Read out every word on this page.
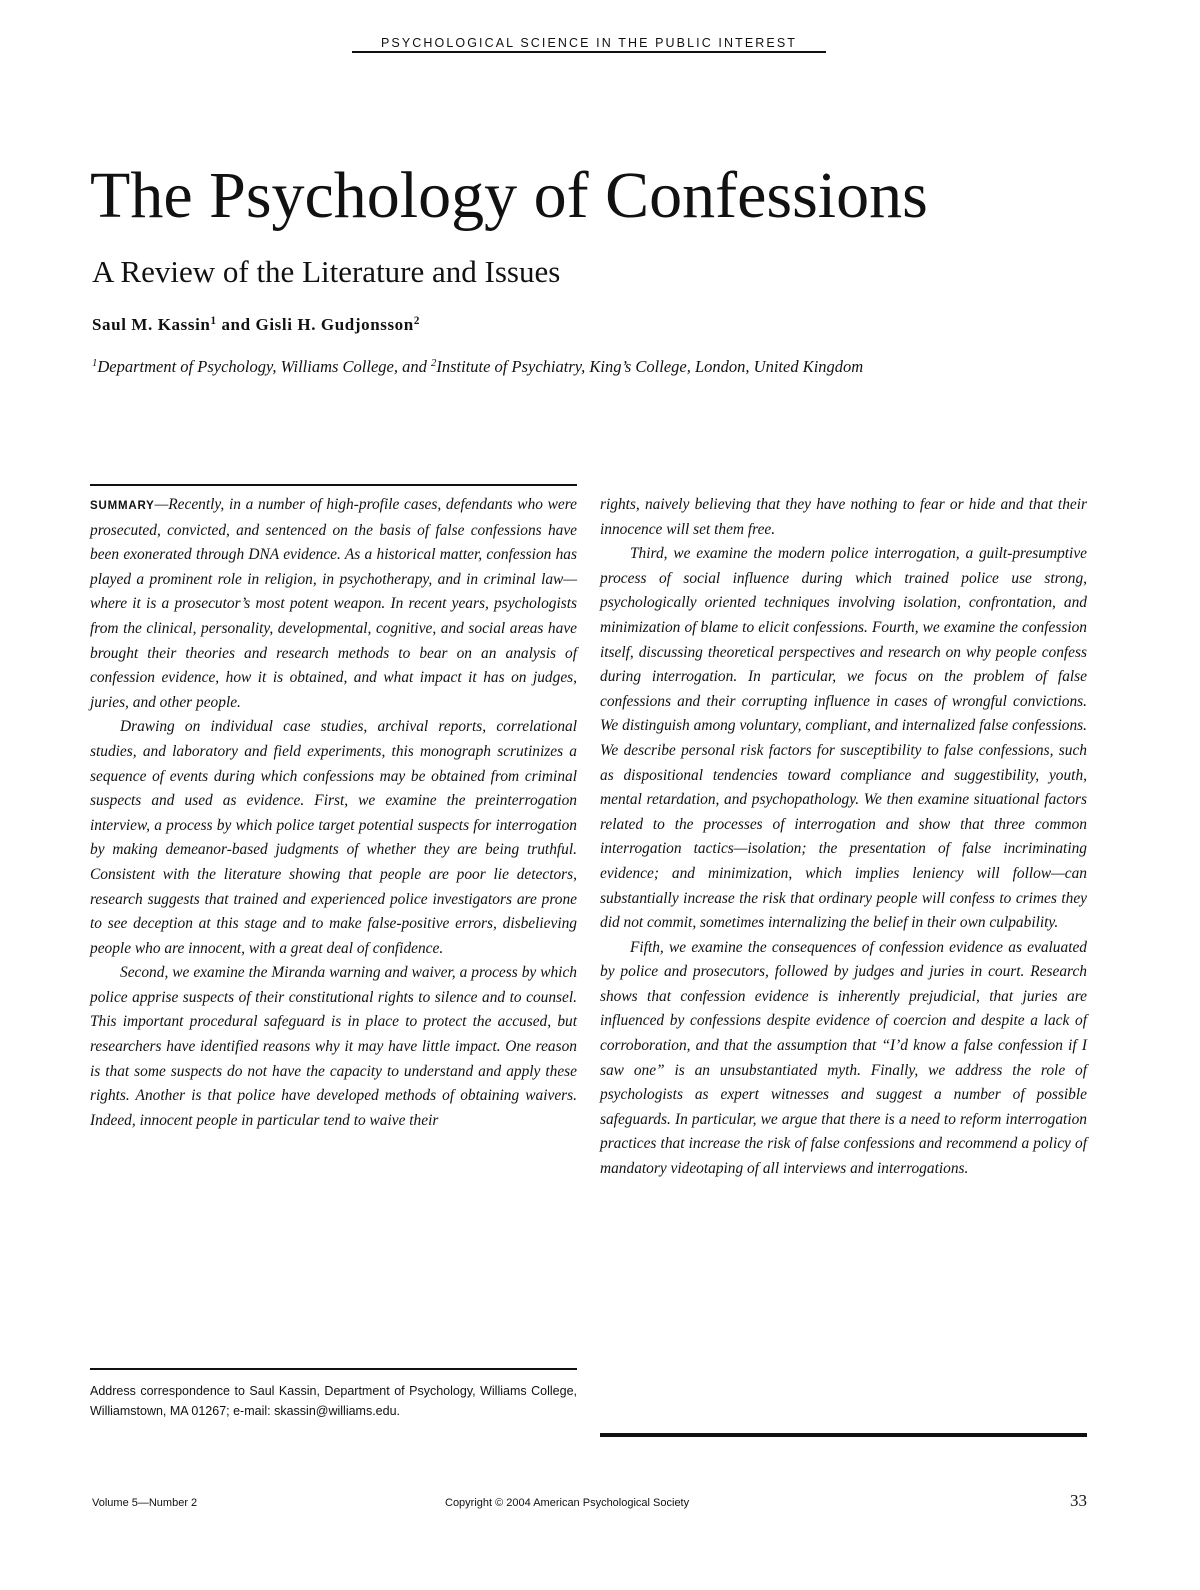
PSYCHOLOGICAL SCIENCE IN THE PUBLIC INTEREST
The Psychology of Confessions
A Review of the Literature and Issues
Saul M. Kassin$^1$ and Gisli H. Gudjonsson$^2$
$^1$Department of Psychology, Williams College, and $^2$Institute of Psychiatry, King’s College, London, United Kingdom

SUMMARY—Recently, in a number of high-profile cases, defendants who were prosecuted, convicted, and sentenced on the basis of false confessions have been exonerated through DNA evidence. As a historical matter, confession has played a prominent role in religion, in psychotherapy, and in criminal law—where it is a prosecutor’s most potent weapon. In recent years, psychologists from the clinical, personality, developmental, cognitive, and social areas have brought their theories and research methods to bear on an analysis of confession evidence, how it is obtained, and what impact it has on judges, juries, and other people.

Drawing on individual case studies, archival reports, correlational studies, and laboratory and field experiments, this monograph scrutinizes a sequence of events during which confessions may be obtained from criminal suspects and used as evidence. First, we examine the preinterrogation interview, a process by which police target potential suspects for interrogation by making demeanor-based judgments of whether they are being truthful. Consistent with the literature showing that people are poor lie detectors, research suggests that trained and experienced police investigators are prone to see deception at this stage and to make false-positive errors, disbelieving people who are innocent, with a great deal of confidence.

Second, we examine the Miranda warning and waiver, a process by which police apprise suspects of their constitutional rights to silence and to counsel. This important procedural safeguard is in place to protect the accused, but researchers have identified reasons why it may have little impact. One reason is that some suspects do not have the capacity to understand and apply these rights. Another is that police have developed methods of obtaining waivers. Indeed, innocent people in particular tend to waive their

rights, naively believing that they have nothing to fear or hide and that their innocence will set them free.

Third, we examine the modern police interrogation, a guilt-presumptive process of social influence during which trained police use strong, psychologically oriented techniques involving isolation, confrontation, and minimization of blame to elicit confessions. Fourth, we examine the confession itself, discussing theoretical perspectives and research on why people confess during interrogation. In particular, we focus on the problem of false confessions and their corrupting influence in cases of wrongful convictions. We distinguish among voluntary, compliant, and internalized false confessions. We describe personal risk factors for susceptibility to false confessions, such as dispositional tendencies toward compliance and suggestibility, youth, mental retardation, and psychopathology. We then examine situational factors related to the processes of interrogation and show that three common interrogation tactics—isolation; the presentation of false incriminating evidence; and minimization, which implies leniency will follow—can substantially increase the risk that ordinary people will confess to crimes they did not commit, sometimes internalizing the belief in their own culpability.

Fifth, we examine the consequences of confession evidence as evaluated by police and prosecutors, followed by judges and juries in court. Research shows that confession evidence is inherently prejudicial, that juries are influenced by confessions despite evidence of coercion and despite a lack of corroboration, and that the assumption that “I’d know a false confession if I saw one” is an unsubstantiated myth. Finally, we address the role of psychologists as expert witnesses and suggest a number of possible safeguards. In particular, we argue that there is a need to reform interrogation practices that increase the risk of false confessions and recommend a policy of mandatory videotaping of all interviews and interrogations.

Address correspondence to Saul Kassin, Department of Psychology, Williams College, Williamstown, MA 01267; e-mail: skassin@williams.edu.
Volume 5—Number 2	Copyright © 2004 American Psychological Society	33
